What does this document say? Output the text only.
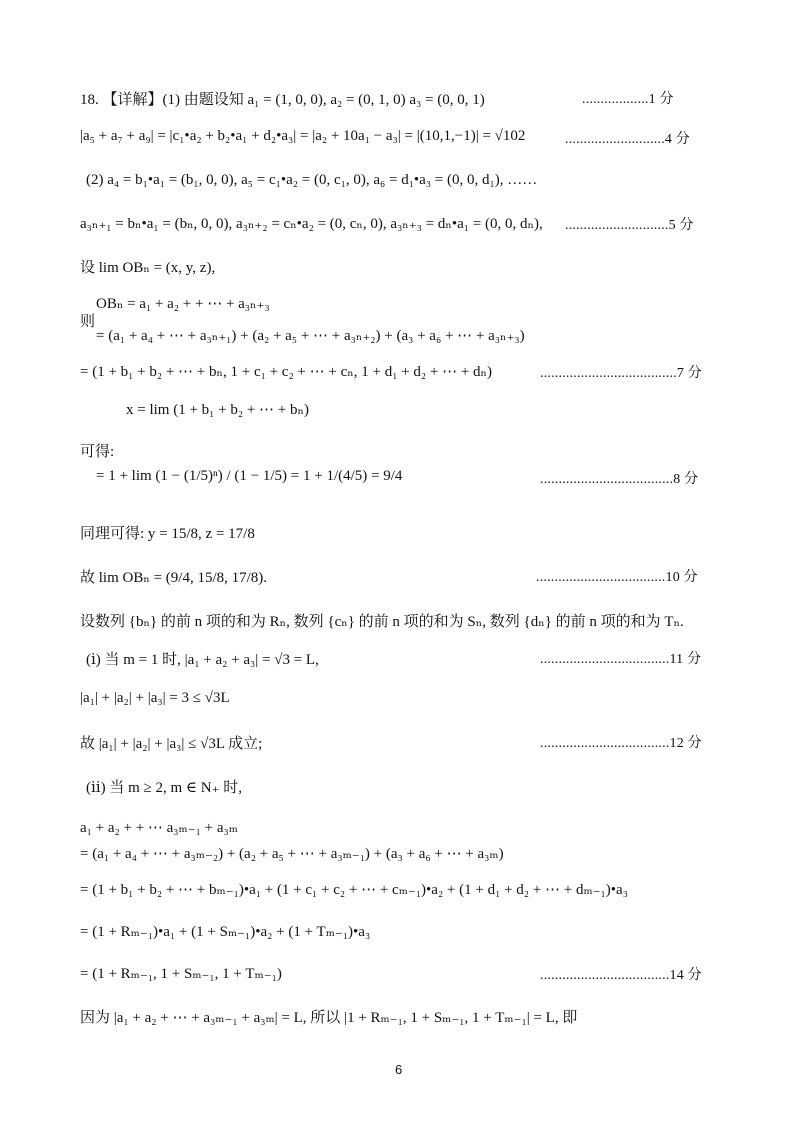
18. 【详解】(1) 由题设知 a₁ = (1, 0, 0), a₂ = (0, 1, 0) a₃ = (0, 0, 1)	..................1 分
|a₅ + a₇ + a₉| = |c₁•a₂ + b₂•a₁ + d₂•a₃| = |a₂ + 10a₁ − a₃| = |(10,1,−1)| = √102	...........................4 分
(2) a₄ = b₁•a₁ = (b₁, 0, 0), a₅ = c₁•a₂ = (0, c₁, 0), a₆ = d₁•a₃ = (0, 0, d₁), ……
a₃ₙ₊₁ = bₙ•a₁ = (bₙ, 0, 0), a₃ₙ₊₂ = cₙ•a₂ = (0, cₙ, 0), a₃ₙ₊₃ = dₙ•a₁ = (0, 0, dₙ), ............................5 分
设 lim OBₙ = (x, y, z),
OBₙ = a₁ + a₂ + + ⋯ + a₃ₙ₊₃
则
= (a₁ + a₄ + ⋯ + a₃ₙ₊₁) + (a₂ + a₅ + ⋯ + a₃ₙ₊₂) + (a₃ + a₆ + ⋯ + a₃ₙ₊₃)
= (1 + b₁ + b₂ + ⋯ + bₙ, 1 + c₁ + c₂ + ⋯ + cₙ, 1 + d₁ + d₂ + ⋯ + dₙ)	.....................................7 分
x = lim (1 + b₁ + b₂ + ⋯ + bₙ)
可得:
= 1 + lim (1 − (1/5)ⁿ) / (1 − 1/5) = 1 + 1/(4/5) = 9/4	....................................8 分
同理可得: y = 15/8, z = 17/8
故 lim OBₙ = (9/4, 15/8, 17/8).	...................................10 分
设数列 {bₙ} 的前 n 项的和为 Rₙ, 数列 {cₙ} 的前 n 项的和为 Sₙ, 数列 {dₙ} 的前 n 项的和为 Tₙ.
(ⅰ) 当 m = 1 时, |a₁ + a₂ + a₃| = √3 = L,	...................................11 分
|a₁| + |a₂| + |a₃| = 3 ≤ √3L
故 |a₁| + |a₂| + |a₃| ≤ √3L 成立;	...................................12 分
(ⅱ) 当 m ≥ 2, m ∈ N₊ 时,
a₁ + a₂ + + ⋯ a₃ₘ₋₁ + a₃ₘ
= (a₁ + a₄ + ⋯ + a₃ₘ₋₂) + (a₂ + a₅ + ⋯ + a₃ₘ₋₁) + (a₃ + a₆ + ⋯ + a₃ₘ)
= (1 + b₁ + b₂ + ⋯ + bₘ₋₁)•a₁ + (1 + c₁ + c₂ + ⋯ + cₘ₋₁)•a₂ + (1 + d₁ + d₂ + ⋯ + dₘ₋₁)•a₃
= (1 + Rₘ₋₁)•a₁ + (1 + Sₘ₋₁)•a₂ + (1 + Tₘ₋₁)•a₃
= (1 + Rₘ₋₁, 1 + Sₘ₋₁, 1 + Tₘ₋₁)	...................................14 分
因为 |a₁ + a₂ + ⋯ + a₃ₘ₋₁ + a₃ₘ| = L, 所以 |1 + Rₘ₋₁, 1 + Sₘ₋₁, 1 + Tₘ₋₁| = L, 即
6
